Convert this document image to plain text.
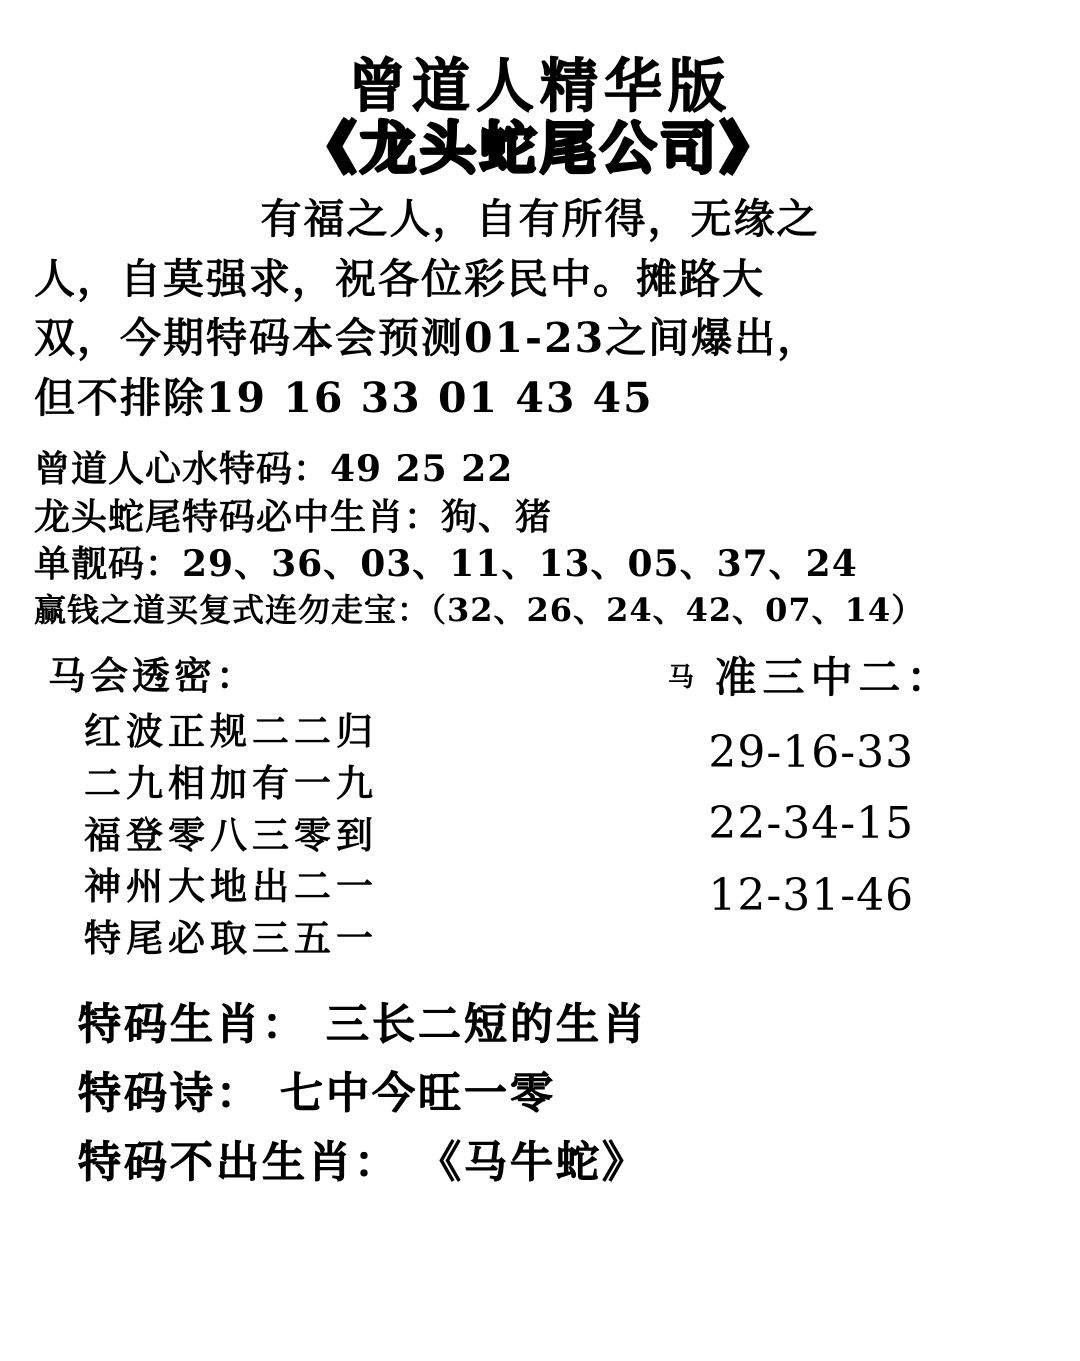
曾道人精华版
《龙头蛇尾公司》
有福之人，自有所得，无缘之
人，自莫强求，祝各位彩民中。摊路大
双，今期特码本会预测01-23之间爆出，
但不排除19 16 33 01 43 45
曾道人心水特码：49 25 22
龙头蛇尾特码必中生肖：狗、猪
单靓码：29、36、03、11、13、05、37、24
赢钱之道买复式连勿走宝：（32、26、24、42、07、14）
马会透密：
红波正规二二归
二九相加有一九
福登零八三零到
神州大地出二一
特尾必取三五一
马 准三中二：
29-16-33
22-34-15
12-31-46
特码生肖： 三长二短的生肖
特码诗： 七中今旺一零
特码不出生肖： 《马牛蛇》
